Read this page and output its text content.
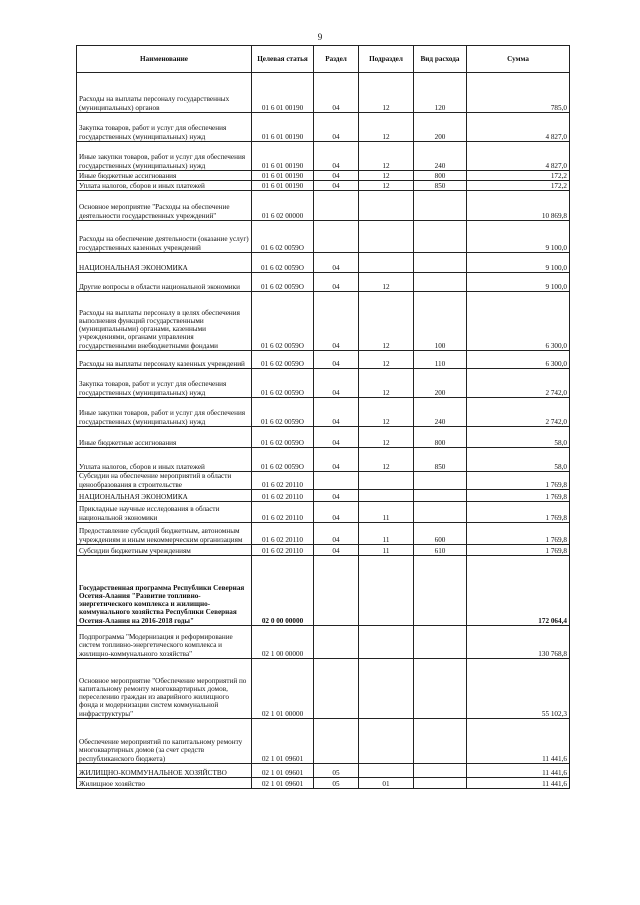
9
Наименование	Целевая статья	Раздел	Подраздел	Вид расхода	Сумма
Расходы на выплаты персоналу государственных (муниципальных) органов	01 6 01 00190	04	12	120	785,0
Закупка товаров, работ и услуг для обеспечения государственных (муниципальных) нужд	01 6 01 00190	04	12	200	4 827,0
Иные закупки товаров, работ и услуг для обеспечения государственных (муниципальных) нужд	01 6 01 00190	04	12	240	4 827,0
Иные бюджетные ассигнования	01 6 01 00190	04	12	800	172,2
Уплата налогов, сборов и иных платежей	01 6 01 00190	04	12	850	172,2
Основное мероприятие "Расходы на обеспечение деятельности государственных учреждений"	01 6 02 00000				10 869,8
Расходы на обеспечение деятельности (оказание услуг) государственных казенных учреждений	01 6 02 0059О				9 100,0
НАЦИОНАЛЬНАЯ ЭКОНОМИКА	01 6 02 0059О	04			9 100,0
Другие вопросы в области национальной экономики	01 6 02 0059О	04	12		9 100,0
Расходы на выплаты персоналу в целях обеспечения выполнения функций государственными (муниципальными) органами, казенными учреждениями, органами управления государственными внебюджетными фондами	01 6 02 0059О	04	12	100	6 300,0
Расходы на выплаты персоналу казенных учреждений	01 6 02 0059О	04	12	110	6 300,0
Закупка товаров, работ и услуг для обеспечения государственных (муниципальных) нужд	01 6 02 0059О	04	12	200	2 742,0
Иные закупки товаров, работ и услуг для обеспечения государственных (муниципальных) нужд	01 6 02 0059О	04	12	240	2 742,0
Иные бюджетные ассигнования	01 6 02 0059О	04	12	800	58,0
Уплата налогов, сборов и иных платежей	01 6 02 0059О	04	12	850	58,0
Субсидии на обеспечение мероприятий в области ценообразования в строительстве	01 6 02 20110				1 769,8
НАЦИОНАЛЬНАЯ ЭКОНОМИКА	01 6 02 20110	04			1 769,8
Прикладные научные исследования в области национальной экономики	01 6 02 20110	04	11		1 769,8
Предоставление субсидий бюджетным, автономным учреждениям и иным некоммерческим организациям	01 6 02 20110	04	11	600	1 769,8
Субсидии бюджетным учреждениям	01 6 02 20110	04	11	610	1 769,8
Государственная программа Республики Северная Осетия-Алания "Развитие топливно-энергетического комплекса и жилищно-коммунального хозяйства Республики Северная Осетия-Алания на 2016-2018 годы"	02 0 00 00000				172 064,4
Подпрограмма "Модернизация и реформирование систем топливно-энергетического комплекса и жилищно-коммунального хозяйства"	02 1 00 00000				130 768,8
Основное мероприятие "Обеспечение мероприятий по капитальному ремонту многоквартирных домов, переселению граждан из аварийного жилищного фонда и модернизации систем коммунальной инфраструктуры"	02 1 01 00000				55 102,3
Обеспечение мероприятий по капитальному ремонту многоквартирных домов (за счет средств республиканского бюджета)	02 1 01 09601				11 441,6
ЖИЛИЩНО-КОММУНАЛЬНОЕ ХОЗЯЙСТВО	02 1 01 09601	05			11 441,6
Жилищное хозяйство	02 1 01 09601	05	01		11 441,6
